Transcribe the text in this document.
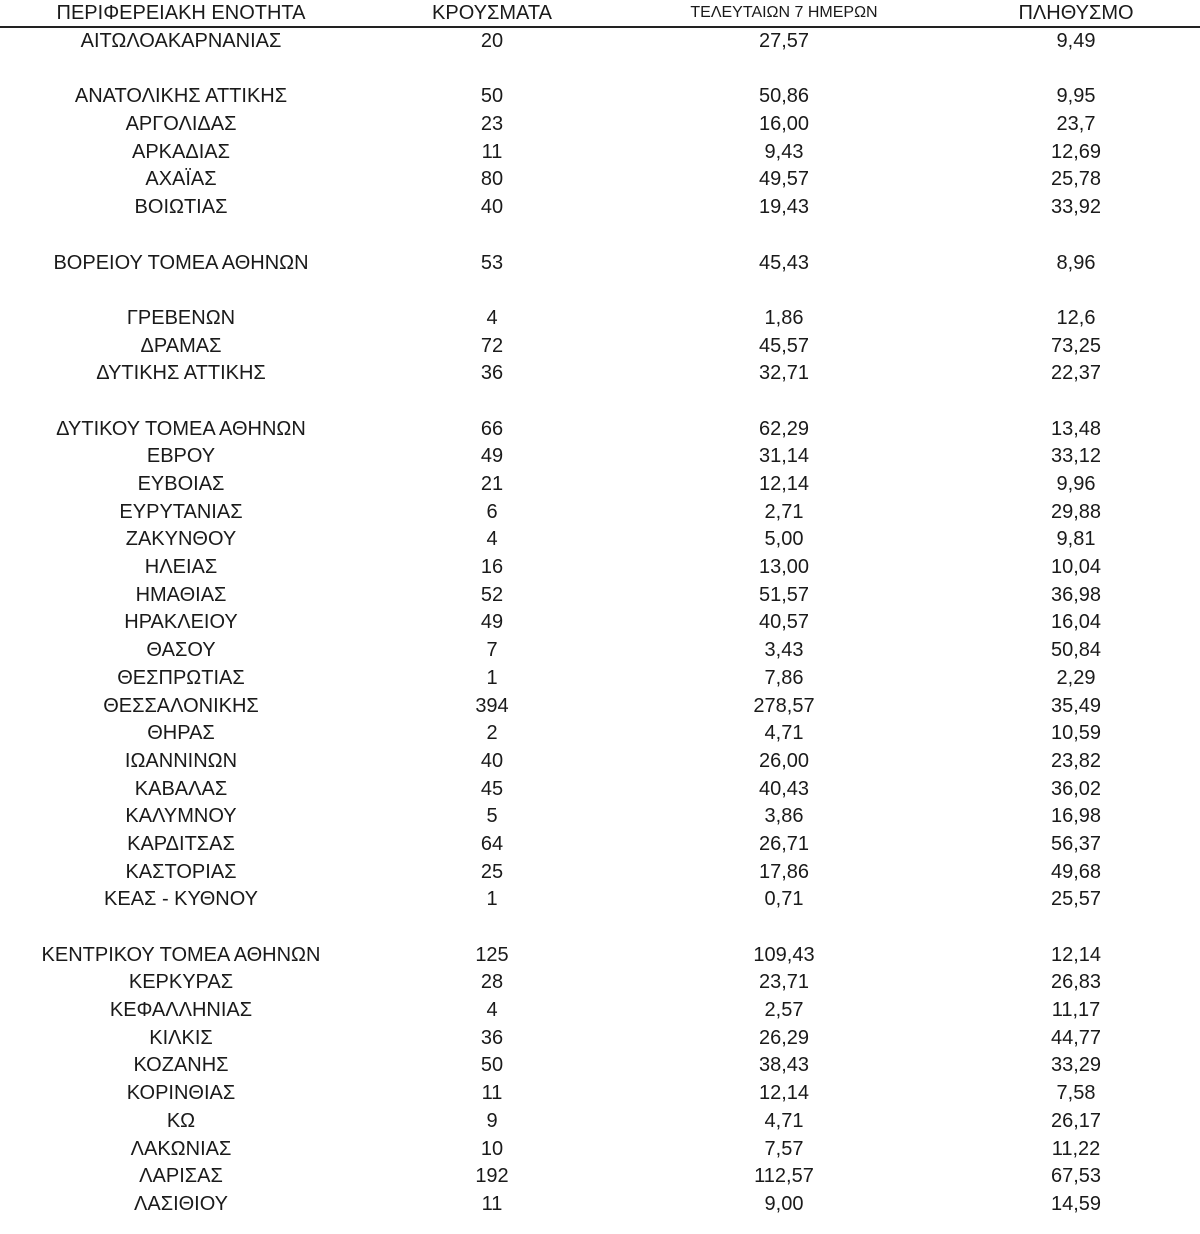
ΠΕΡΙΦΕΡΕΙΑΚΗ ΕΝΟΤΗΤΑ	ΚΡΟΥΣΜΑΤΑ	ΤΕΛΕΥΤΑΙΩΝ 7 ΗΜΕΡΩΝ	ΠΛΗΘΥΣΜΟ
ΑΙΤΩΛΟΑΚΑΡΝΑΝΙΑΣ	20	27,57	9,49
ΑΝΑΤΟΛΙΚΗΣ ΑΤΤΙΚΗΣ	50	50,86	9,95
ΑΡΓΟΛΙΔΑΣ	23	16,00	23,7
ΑΡΚΑΔΙΑΣ	11	9,43	12,69
ΑΧΑΪΑΣ	80	49,57	25,78
ΒΟΙΩΤΙΑΣ	40	19,43	33,92
ΒΟΡΕΙΟΥ ΤΟΜΕΑ ΑΘΗΝΩΝ	53	45,43	8,96
ΓΡΕΒΕΝΩΝ	4	1,86	12,6
ΔΡΑΜΑΣ	72	45,57	73,25
ΔΥΤΙΚΗΣ ΑΤΤΙΚΗΣ	36	32,71	22,37
ΔΥΤΙΚΟΥ ΤΟΜΕΑ ΑΘΗΝΩΝ	66	62,29	13,48
ΕΒΡΟΥ	49	31,14	33,12
ΕΥΒΟΙΑΣ	21	12,14	9,96
ΕΥΡΥΤΑΝΙΑΣ	6	2,71	29,88
ΖΑΚΥΝΘΟΥ	4	5,00	9,81
ΗΛΕΙΑΣ	16	13,00	10,04
ΗΜΑΘΙΑΣ	52	51,57	36,98
ΗΡΑΚΛΕΙΟΥ	49	40,57	16,04
ΘΑΣΟΥ	7	3,43	50,84
ΘΕΣΠΡΩΤΙΑΣ	1	7,86	2,29
ΘΕΣΣΑΛΟΝΙΚΗΣ	394	278,57	35,49
ΘΗΡΑΣ	2	4,71	10,59
ΙΩΑΝΝΙΝΩΝ	40	26,00	23,82
ΚΑΒΑΛΑΣ	45	40,43	36,02
ΚΑΛΥΜΝΟΥ	5	3,86	16,98
ΚΑΡΔΙΤΣΑΣ	64	26,71	56,37
ΚΑΣΤΟΡΙΑΣ	25	17,86	49,68
ΚΕΑΣ - ΚΥΘΝΟΥ	1	0,71	25,57
ΚΕΝΤΡΙΚΟΥ ΤΟΜΕΑ ΑΘΗΝΩΝ	125	109,43	12,14
ΚΕΡΚΥΡΑΣ	28	23,71	26,83
ΚΕΦΑΛΛΗΝΙΑΣ	4	2,57	11,17
ΚΙΛΚΙΣ	36	26,29	44,77
ΚΟΖΑΝΗΣ	50	38,43	33,29
ΚΟΡΙΝΘΙΑΣ	11	12,14	7,58
ΚΩ	9	4,71	26,17
ΛΑΚΩΝΙΑΣ	10	7,57	11,22
ΛΑΡΙΣΑΣ	192	112,57	67,53
ΛΑΣΙΘΙΟΥ	11	9,00	14,59
